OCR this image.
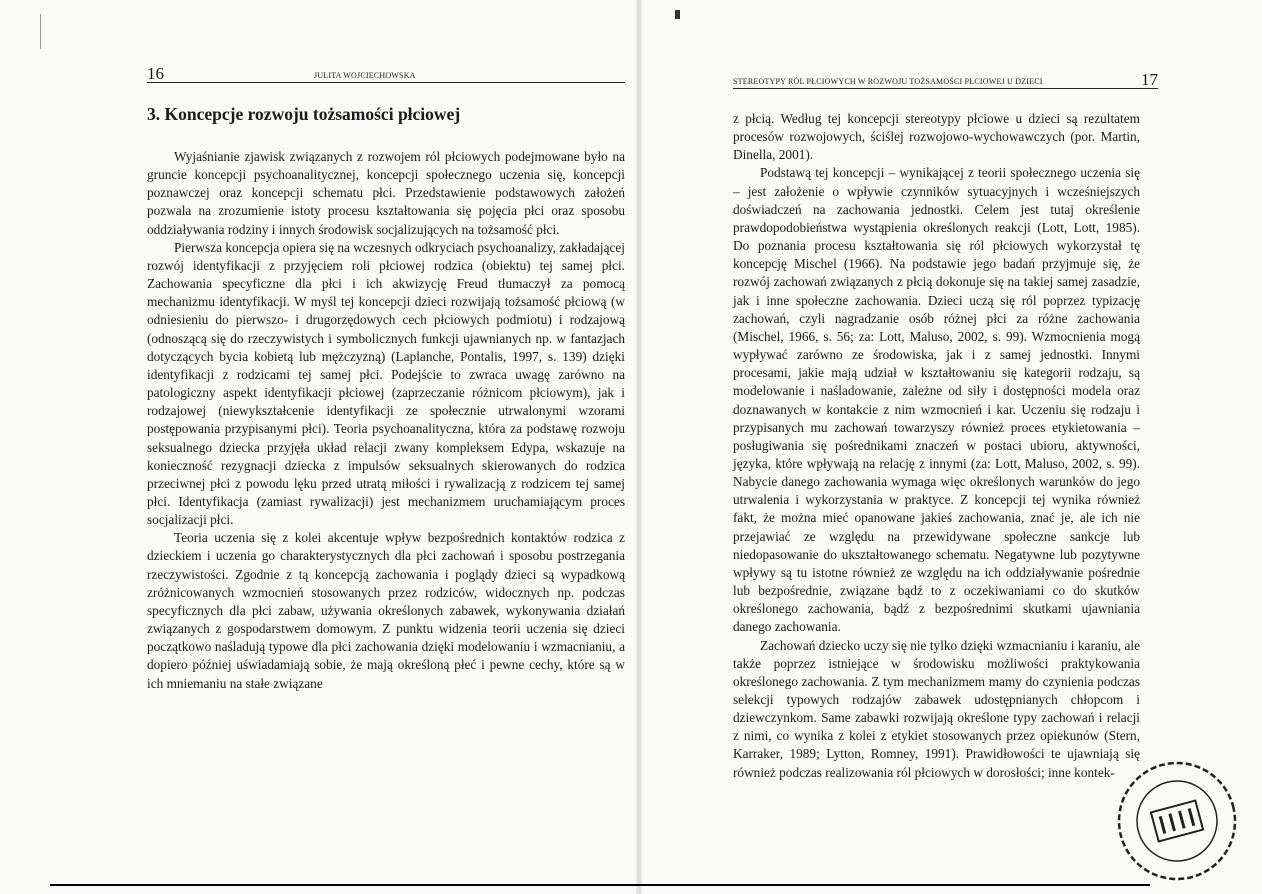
16	JULITA WOJCIECHOWSKA
3. Koncepcje rozwoju tożsamości płciowej

Wyjaśnianie zjawisk związanych z rozwojem ról płciowych podejmowane było na gruncie koncepcji psychoanalitycznej, koncepcji społecznego uczenia się, koncepcji poznawczej oraz koncepcji schematu płci. Przedstawienie podstawowych założeń pozwala na zrozumienie istoty procesu kształtowania się pojęcia płci oraz sposobu oddziaływania rodziny i innych środowisk socjalizujących na tożsamość płci.

Pierwsza koncepcja opiera się na wczesnych odkryciach psychoanalizy, zakładającej rozwój identyfikacji z przyjęciem roli płciowej rodzica (obiektu) tej samej płci. Zachowania specyficzne dla płci i ich akwizycję Freud tłumaczył za pomocą mechanizmu identyfikacji. W myśl tej koncepcji dzieci rozwijają tożsamość płciową (w odniesieniu do pierwszo- i drugorzędowych cech płciowych podmiotu) i rodzajową (odnoszącą się do rzeczywistych i symbolicznych funkcji ujawnianych np. w fantazjach dotyczących bycia kobietą lub mężczyzną) (Laplanche, Pontalis, 1997, s. 139) dzięki identyfikacji z rodzicami tej samej płci. Podejście to zwraca uwagę zarówno na patologiczny aspekt identyfikacji płciowej (zaprzeczanie różnicom płciowym), jak i rodzajowej (niewykształcenie identyfikacji ze społecznie utrwalonymi wzorami postępowania przypisanymi płci). Teoria psychoanalityczna, która za podstawę rozwoju seksualnego dziecka przyjęła układ relacji zwany kompleksem Edypa, wskazuje na konieczność rezygnacji dziecka z impulsów seksualnych skierowanych do rodzica przeciwnej płci z powodu lęku przed utratą miłości i rywalizacją z rodzicem tej samej płci. Identyfikacja (zamiast rywalizacji) jest mechanizmem uruchamiającym proces socjalizacji płci.

Teoria uczenia się z kolei akcentuje wpływ bezpośrednich kontaktów rodzica z dzieckiem i uczenia go charakterystycznych dla płci zachowań i sposobu postrzegania rzeczywistości. Zgodnie z tą koncepcją zachowania i poglądy dzieci są wypadkową zróżnicowanych wzmocnień stosowanych przez rodziców, widocznych np. podczas specyficznych dla płci zabaw, używania określonych zabawek, wykonywania działań związanych z gospodarstwem domowym. Z punktu widzenia teorii uczenia się dzieci początkowo naśladują typowe dla płci zachowania dzięki modelowaniu i wzmacnianiu, a dopiero później uświadamiają sobie, że mają określoną płeć i pewne cechy, które są w ich mniemaniu na stałe związane

STEREOTYPY RÓL PŁCIOWYCH W ROZWOJU TOŻSAMOŚCI PŁCIOWEJ U DZIECI	17

z płcią. Według tej koncepcji stereotypy płciowe u dzieci są rezultatem procesów rozwojowych, ściślej rozwojowo-wychowawczych (por. Martin, Dinella, 2001).

Podstawą tej koncepcji – wynikającej z teorii społecznego uczenia się – jest założenie o wpływie czynników sytuacyjnych i wcześniejszych doświadczeń na zachowania jednostki. Celem jest tutaj określenie prawdopodobieństwa wystąpienia określonych reakcji (Lott, Lott, 1985). Do poznania procesu kształtowania się ról płciowych wykorzystał tę koncepcję Mischel (1966). Na podstawie jego badań przyjmuje się, że rozwój zachowań związanych z płcią dokonuje się na takiej samej zasadzie, jak i inne społeczne zachowania. Dzieci uczą się ról poprzez typizację zachowań, czyli nagradzanie osób różnej płci za różne zachowania (Mischel, 1966, s. 56; za: Lott, Maluso, 2002, s. 99). Wzmocnienia mogą wypływać zarówno ze środowiska, jak i z samej jednostki. Innymi procesami, jakie mają udział w kształtowaniu się kategorii rodzaju, są modelowanie i naśladowanie, zależne od siły i dostępności modela oraz doznawanych w kontakcie z nim wzmocnień i kar. Uczeniu się rodzaju i przypisanych mu zachowań towarzyszy również proces etykietowania – posługiwania się pośrednikami znaczeń w postaci ubioru, aktywności, języka, które wpływają na relację z innymi (za: Lott, Maluso, 2002, s. 99). Nabycie danego zachowania wymaga więc określonych warunków do jego utrwalenia i wykorzystania w praktyce. Z koncepcji tej wynika również fakt, że można mieć opanowane jakieś zachowania, znać je, ale ich nie przejawiać ze względu na przewidywane społeczne sankcje lub niedopasowanie do ukształtowanego schematu. Negatywne lub pozytywne wpływy są tu istotne również ze względu na ich oddziaływanie pośrednie lub bezpośrednie, związane bądź to z oczekiwaniami co do skutków określonego zachowania, bądź z bezpośrednimi skutkami ujawniania danego zachowania.

Zachowań dziecko uczy się nie tylko dzięki wzmacnianiu i karaniu, ale także poprzez istniejące w środowisku możliwości praktykowania określonego zachowania. Z tym mechanizmem mamy do czynienia podczas selekcji typowych rodzajów zabawek udostępnianych chłopcom i dziewczynkom. Same zabawki rozwijają określone typy zachowań i relacji z nimi, co wynika z kolei z etykiet stosowanych przez opiekunów (Stern, Karraker, 1989; Lytton, Romney, 1991). Prawidłowości te ujawniają się również podczas realizowania ról płciowych w dorosłości; inne kontek-
